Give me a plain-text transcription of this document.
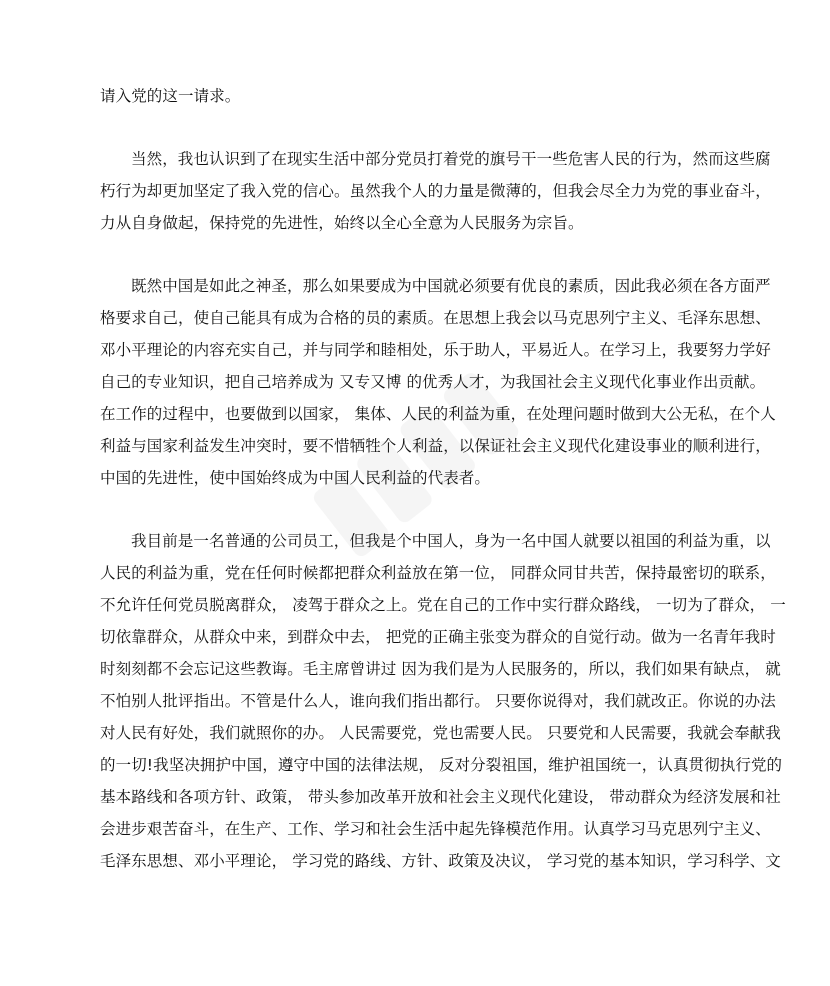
请入党的这一请求。
当然，我也认识到了在现实生活中部分党员打着党的旗号干一些危害人民的行为，然而这些腐
朽行为却更加坚定了我入党的信心。虽然我个人的力量是微薄的，但我会尽全力为党的事业奋斗，
力从自身做起，保持党的先进性，始终以全心全意为人民服务为宗旨。
既然中国是如此之神圣，那么如果要成为中国就必须要有优良的素质，因此我必须在各方面严
格要求自己，使自己能具有成为合格的员的素质。在思想上我会以马克思列宁主义、毛泽东思想、
邓小平理论的内容充实自己，并与同学和睦相处，乐于助人，平易近人。在学习上，我要努力学好
自己的专业知识，把自己培养成为 又专又博 的优秀人才，为我国社会主义现代化事业作出贡献。
在工作的过程中，也要做到以国家， 集体、人民的利益为重，在处理问题时做到大公无私，在个人
利益与国家利益发生冲突时，要不惜牺牲个人利益，以保证社会主义现代化建设事业的顺利进行，
中国的先进性，使中国始终成为中国人民利益的代表者。
我目前是一名普通的公司员工，但我是个中国人，身为一名中国人就要以祖国的利益为重，以
人民的利益为重，党在任何时候都把群众利益放在第一位， 同群众同甘共苦，保持最密切的联系，
不允许任何党员脱离群众， 凌驾于群众之上。党在自己的工作中实行群众路线， 一切为了群众， 一
切依靠群众，从群众中来，到群众中去， 把党的正确主张变为群众的自觉行动。做为一名青年我时
时刻刻都不会忘记这些教诲。毛主席曾讲过 因为我们是为人民服务的，所以，我们如果有缺点， 就
不怕别人批评指出。不管是什么人，谁向我们指出都行。 只要你说得对，我们就改正。你说的办法
对人民有好处，我们就照你的办。 人民需要党，党也需要人民。 只要党和人民需要，我就会奉献我
的一切!我坚决拥护中国，遵守中国的法律法规， 反对分裂祖国，维护祖国统一，认真贯彻执行党的
基本路线和各项方针、政策， 带头参加改革开放和社会主义现代化建设， 带动群众为经济发展和社
会进步艰苦奋斗，在生产、工作、学习和社会生活中起先锋模范作用。认真学习马克思列宁主义、
毛泽东思想、邓小平理论， 学习党的路线、方针、政策及决议， 学习党的基本知识，学习科学、文
